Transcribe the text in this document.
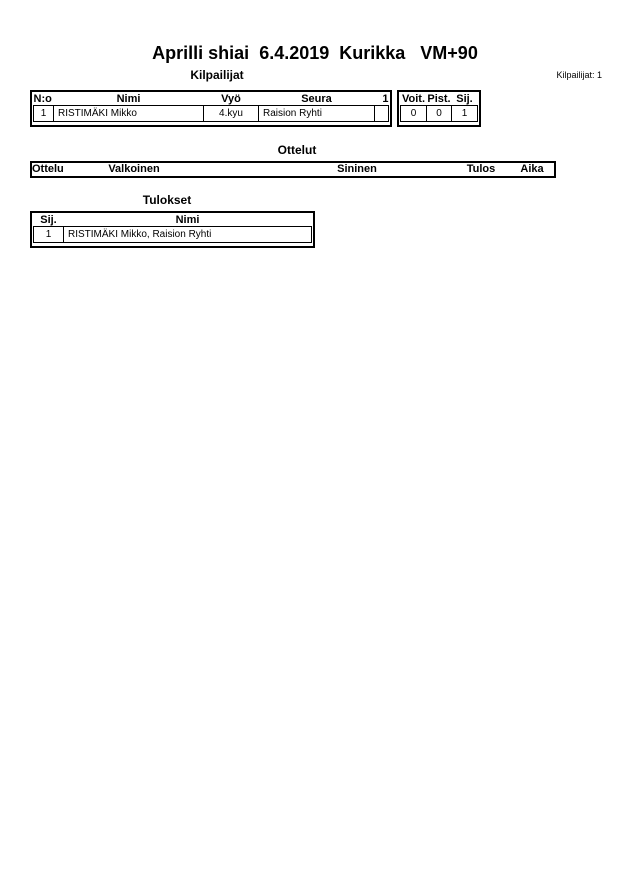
Aprilli shiai  6.4.2019  Kurikka   VM+90
Kilpailijat	Kilpailijat: 1
N:o	Nimi	Vyö	Seura	1
1	RISTIMÄKI Mikko	4.kyu	Raision Ryhti	
Voit.	Pist.	Sij.
0	0	1
Ottelut
Ottelu	Valkoinen	Sininen	Tulos Aika
Tulokset
Sij.	Nimi
1	RISTIMÄKI Mikko, Raision Ryhti
